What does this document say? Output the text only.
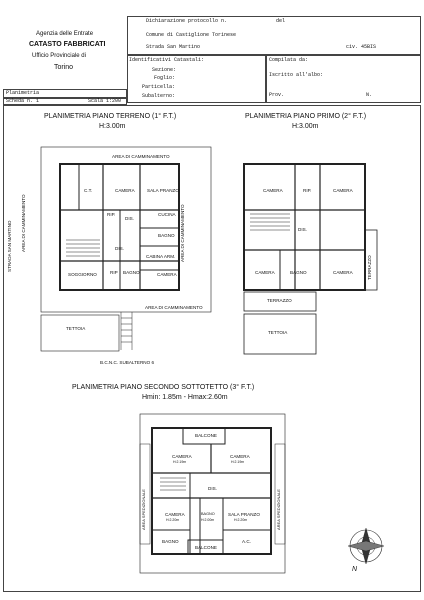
Agenzia delle Entrate
CATASTO FABBRICATI
Ufficio Provinciale di
Torino
Dichiarazione protocollo n.	del
Comune di Castiglione Torinese
Strada San Martino	civ. 45BIS
Identificativi Catastali:
Sezione:
Foglio:
Particella:
Subalterno:
Compilata da:
Iscritto all'albo:
Prov.	N.
Planimetria
Scheda n. 1	Scala 1:200
PLANIMETRIA PIANO TERRENO (1° F.T.)
H:3.00m
PLANIMETRIA PIANO PRIMO (2° F.T.)
H:3.00m
PLANIMETRIA PIANO SECONDO SOTTOTETTO (3° F.T.)
Hmin: 1.85m - Hmax:2.60m
AREA DI CAMMINAMENTO
AREA DI CAMMINAMENTO
AREA DI CAMMINAMENTO	AREA DI CAMMINAMENTO
STRADA SAN MARTINO
C.T.	CAMERA	SALA PRANZO
RIP.
DIS.
CUCINA
BAGNO
DIS.
CABINA ARM.
SOGGIORNO	RIP BAGNO	CAMERA
TETTOIA
B.C.N.C. SUBALTERNO 6
CAMERA	RIP.	CAMERA
DIS.
CAMERA	BAGNO	CAMERA	TERRAZZO
TERRAZZO
TETTOIA
BALCONE
CAMERA
H:2.19m
CAMERA
H:2.19m
DIS.
CAMERA
H:2.20m
BAGNO
H:2.00m
SALA PRANZO
H:2.20m
BAGNO
BALCONE
A.C.
AREA SPEDIZIONALE	AREA SPEDIZIONALE
N
